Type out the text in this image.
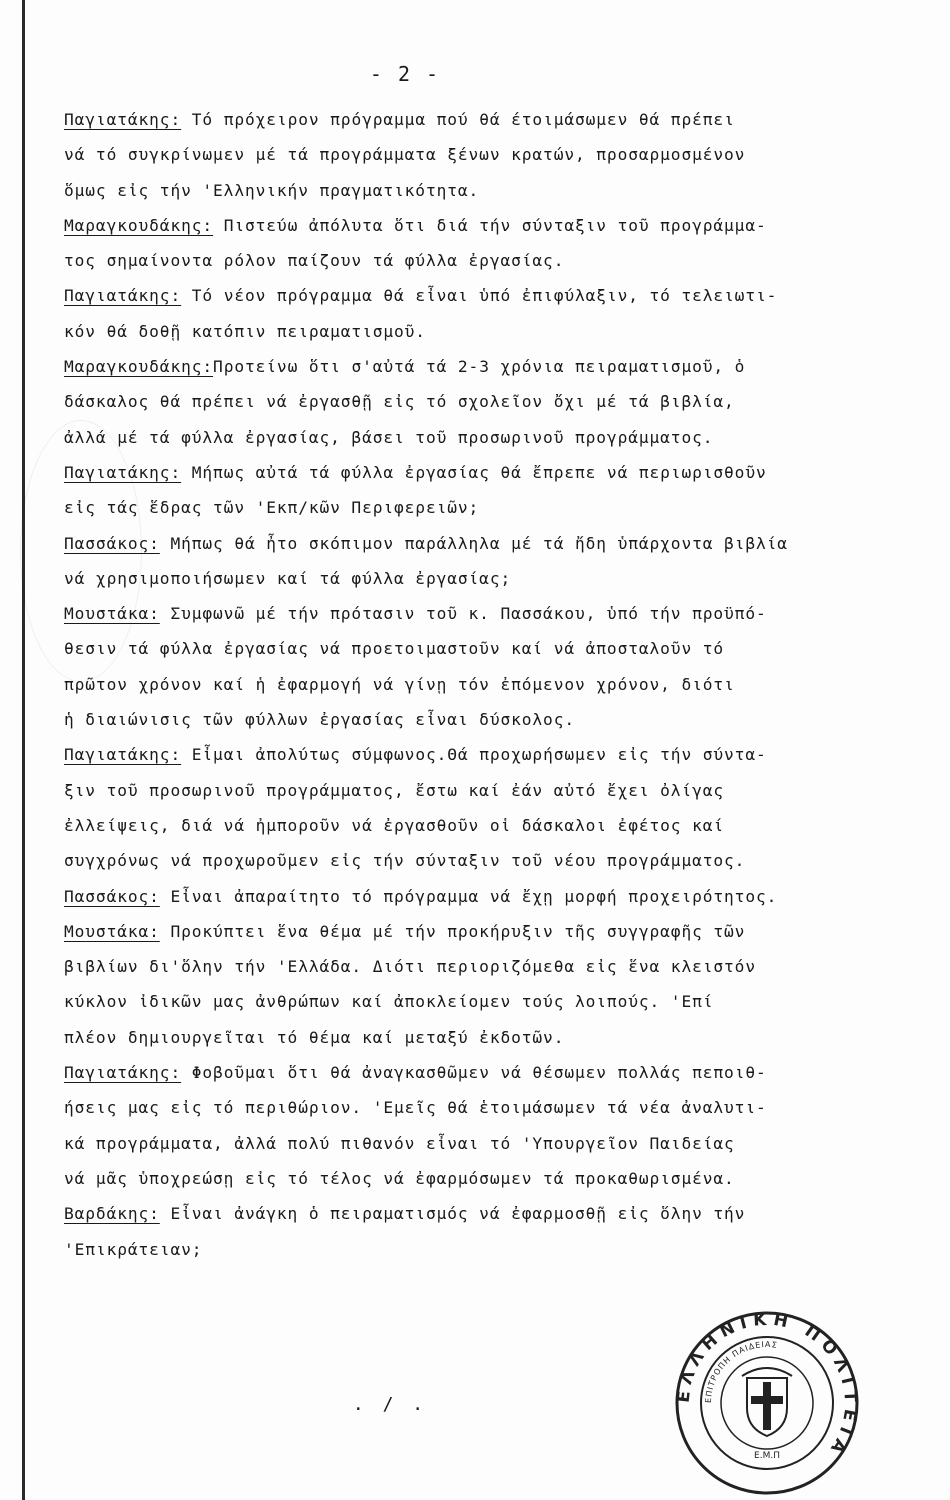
- 2 -
Παγιατάκης: Τό πρόχειρον πρόγραμμα πού θά έτοιμάσωμεν θά πρέπει
νά τό συγκρίνωμεν μέ τά προγράμματα ξένων κρατών, προσαρμοσμένον
ὅμως εἰς τήν 'Ελληνικήν πραγματικότητα.
Μαραγκουδάκης: Πιστεύω ἀπόλυτα ὅτι διά τήν σύνταξιν τοῦ προγράμμα-
τος σημαίνοντα ρόλον παίζουν τά φύλλα ἐργασίας.
Παγιατάκης: Τό νέον πρόγραμμα θά εἶναι ὑπό ἐπιφύλαξιν, τό τελειωτι-
κόν θά δοθῇ κατόπιν πειραματισμοῦ.
Μαραγκουδάκης:Προτείνω ὅτι σ'αὐτά τά 2-3 χρόνια πειραματισμοῦ, ὁ
δάσκαλος θά πρέπει νά ἐργασθῇ εἰς τό σχολεῖον ὄχι μέ τά βιβλία,
ἀλλά μέ τά φύλλα ἐργασίας, βάσει τοῦ προσωρινοῦ προγράμματος.
Παγιατάκης: Μήπως αὐτά τά φύλλα ἐργασίας θά ἔπρεπε νά περιωρισθοῦν
εἰς τάς ἕδρας τῶν 'Εκπ/κῶν Περιφερειῶν;
Πασσάκος: Μήπως θά ἦτο σκόπιμον παράλληλα μέ τά ἤδη ὑπάρχοντα βιβλία
νά χρησιμοποιήσωμεν καί τά φύλλα ἐργασίας;
Μουστάκα: Συμφωνῶ μέ τήν πρότασιν τοῦ κ. Πασσάκου, ὑπό τήν προϋπό-
θεσιν τά φύλλα ἐργασίας νά προετοιμαστοῦν καί νά ἀποσταλοῦν τό
πρῶτον χρόνον καί ἡ ἐφαρμογή νά γίνῃ τόν ἐπόμενον χρόνον, διότι
ἡ διαιώνισις τῶν φύλλων ἐργασίας εἶναι δύσκολος.
Παγιατάκης: Εἶμαι ἀπολύτως σύμφωνος.Θά προχωρήσωμεν εἰς τήν σύντα-
ξιν τοῦ προσωρινοῦ προγράμματος, ἔστω καί ἐάν αὐτό ἔχει ὀλίγας
ἐλλείψεις, διά νά ἠμποροῦν νά ἐργασθοῦν οἱ δάσκαλοι ἐφέτος καί
συγχρόνως νά προχωροῦμεν εἰς τήν σύνταξιν τοῦ νέου προγράμματος.
Πασσάκος: Εἶναι ἀπαραίτητο τό πρόγραμμα νά ἔχῃ μορφή προχειρότητος.
Μουστάκα: Προκύπτει ἕνα θέμα μέ τήν προκήρυξιν τῆς συγγραφῆς τῶν
βιβλίων δι'ὅλην τήν 'Ελλάδα. Διότι περιοριζόμεθα εἰς ἕνα κλειστόν
κύκλον ἰδικῶν μας ἀνθρώπων καί ἀποκλείομεν τούς λοιπούς. 'Επί
πλέον δημιουργεῖται τό θέμα καί μεταξύ ἐκδοτῶν.
Παγιατάκης: Φοβοῦμαι ὅτι θά ἀναγκασθῶμεν νά θέσωμεν πολλάς πεποιθ-
ήσεις μας εἰς τό περιθώριον. 'Εμεῖς θά ἑτοιμάσωμεν τά νέα ἀναλυτι-
κά προγράμματα, ἀλλά πολύ πιθανόν εἶναι τό 'Υπουργεῖον Παιδείας
νά μᾶς ὑποχρεώσῃ εἰς τό τέλος νά ἐφαρμόσωμεν τά προκαθωρισμένα.
Βαρδάκης: Εἶναι ἀνάγκη ὁ πειραματισμός νά ἐφαρμοσθῇ εἰς ὅλην τήν
'Επικράτειαν;
. / .
ΕΛΛΗΝΙΚΗ ΠΟΛΙΤΕΙΑ
ΕΠΙΤΡΟΠΗ ΠΑΙΔΕΙΑΣ
Ε.Μ.Π
